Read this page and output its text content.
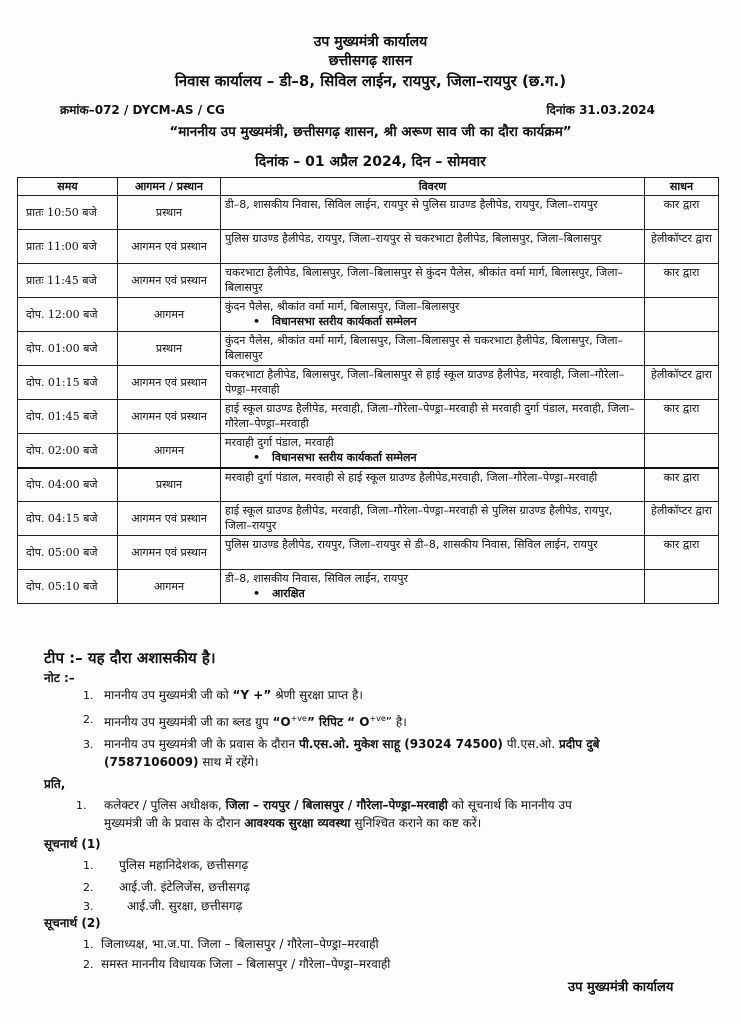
उप मुख्यमंत्री कार्यालय
छत्तीसगढ़ शासन
निवास कार्यालय – डी–8, सिविल लाईन, रायपुर, जिला–रायपुर (छ.ग.)
क्रमांक–072 / DYCM-AS / CG	दिनांक 31.03.2024
“माननीय उप मुख्यमंत्री, छत्तीसगढ़ शासन, श्री अरूण साव जी का दौरा कार्यक्रम”
दिनांक – 01 अप्रैल 2024, दिन – सोमवार
समय	आगमन / प्रस्थान	विवरण	साधन
प्रातः 10:50 बजे	प्रस्थान	डी–8, शासकीय निवास, सिविल लाईन, रायपुर से पुलिस ग्राउण्ड हैलीपेड, रायपुर, जिला–रायपुर	कार द्वारा
प्रातः 11:00 बजे	आगमन एवं प्रस्थान	पुलिस ग्राउण्ड हैलीपेड, रायपुर, जिला–रायपुर से चकरभाटा हैलीपेड, बिलासपुर, जिला–बिलासपुर	हेलीकॉप्टर द्वारा
प्रातः 11:45 बजे	आगमन एवं प्रस्थान	चकरभाटा हैलीपेड, बिलासपुर, जिला–बिलासपुर से कुंदन पैलेस, श्रीकांत वर्मा मार्ग, बिलासपुर, जिला–बिलासपुर	कार द्वारा
दोप. 12:00 बजे	आगमन	कुंदन पैलेस, श्रीकांत वर्मा मार्ग, बिलासपुर, जिला–बिलासपुर
• विधानसभा स्तरीय कार्यकर्ता सम्मेलन

दोप. 01:00 बजे	प्रस्थान	कुंदन पैलेस, श्रीकांत वर्मा मार्ग, बिलासपुर, जिला–बिलासपुर से चकरभाटा हैलीपेड, बिलासपुर, जिला–बिलासपुर	

दोप. 01:15 बजे	आगमन एवं प्रस्थान	चकरभाटा हैलीपेड, बिलासपुर, जिला–बिलासपुर से हाई स्कूल ग्राउण्ड हैलीपेड, मरवाही, जिला–गौरेला–पेण्ड्रा–मरवाही	हेलीकॉप्टर द्वारा
दोप. 01:45 बजे	आगमन एवं प्रस्थान	हाई स्कूल ग्राउण्ड हैलीपेड, मरवाही, जिला–गौरेला–पेण्ड्रा–मरवाही से मरवाही दुर्गा पंडाल, मरवाही, जिला–गौरेला–पेण्ड्रा–मरवाही	कार द्वारा
दोप. 02:00 बजे	आगमन	मरवाही दुर्गा पंडाल, मरवाही
• विधानसभा स्तरीय कार्यकर्ता सम्मेलन

दोप. 04:00 बजे	प्रस्थान	मरवाही दुर्गा पंडाल, मरवाही से हाई स्कूल ग्राउण्ड हैलीपेड,मरवाही, जिला–गौरेला–पेण्ड्रा–मरवाही	कार द्वारा
दोप. 04:15 बजे	आगमन एवं प्रस्थान	हाई स्कूल ग्राउण्ड हैलीपेड, मरवाही, जिला–गौरेला–पेण्ड्रा–मरवाही से पुलिस ग्राउण्ड हैलीपेड, रायपुर, जिला–रायपुर	हेलीकॉप्टर द्वारा
दोप. 05:00 बजे	आगमन एवं प्रस्थान	पुलिस ग्राउण्ड हैलीपेड, रायपुर, जिला–रायपुर से डी–8, शासकीय निवास, सिविल लाईन, रायपुर	कार द्वारा
दोप. 05:10 बजे	आगमन	डी–8, शासकीय निवास, सिविल लाईन, रायपुर
• आरक्षित

टीप :– यह दौरा अशासकीय है।
नोट :–
1. माननीय उप मुख्यमंत्री जी को “Y +” श्रेणी सुरक्षा प्राप्त है।
2. माननीय उप मुख्यमंत्री जी का ब्लड ग्रुप “$O^{+ve}$” रिपिट “ $O^{+ve}$” है।
3. माननीय उप मुख्यमंत्री जी के प्रवास के दौरान पी.एस.ओ. मुकेश साहू (93024 74500) पी.एस.ओ. प्रदीप दुबे
(7587106009) साथ में रहेंगे।
प्रति,
1. कलेक्टर / पुलिस अधीक्षक, जिला – रायपुर / बिलासपुर / गौरेला–पेण्ड्रा–मरवाही को सूचनार्थ कि माननीय उप
मुख्यमंत्री जी के प्रवास के दौरान आवश्यक सुरक्षा व्यवस्था सुनिश्चित कराने का कष्ट करें।
सूचनार्थ (1)
1. पुलिस महानिदेशक, छत्तीसगढ़
2. आई.जी. इंटेलिजेंस, छत्तीसगढ़
3.	आई.जी. सुरक्षा, छत्तीसगढ़
सूचनार्थ (2)
1. जिलाध्यक्ष, भा.ज.पा. जिला – बिलासपुर / गौरेला–पेण्ड्रा–मरवाही
2. समस्त माननीय विधायक जिला – बिलासपुर / गौरेला–पेण्ड्रा–मरवाही
उप मुख्यमंत्री कार्यालय
